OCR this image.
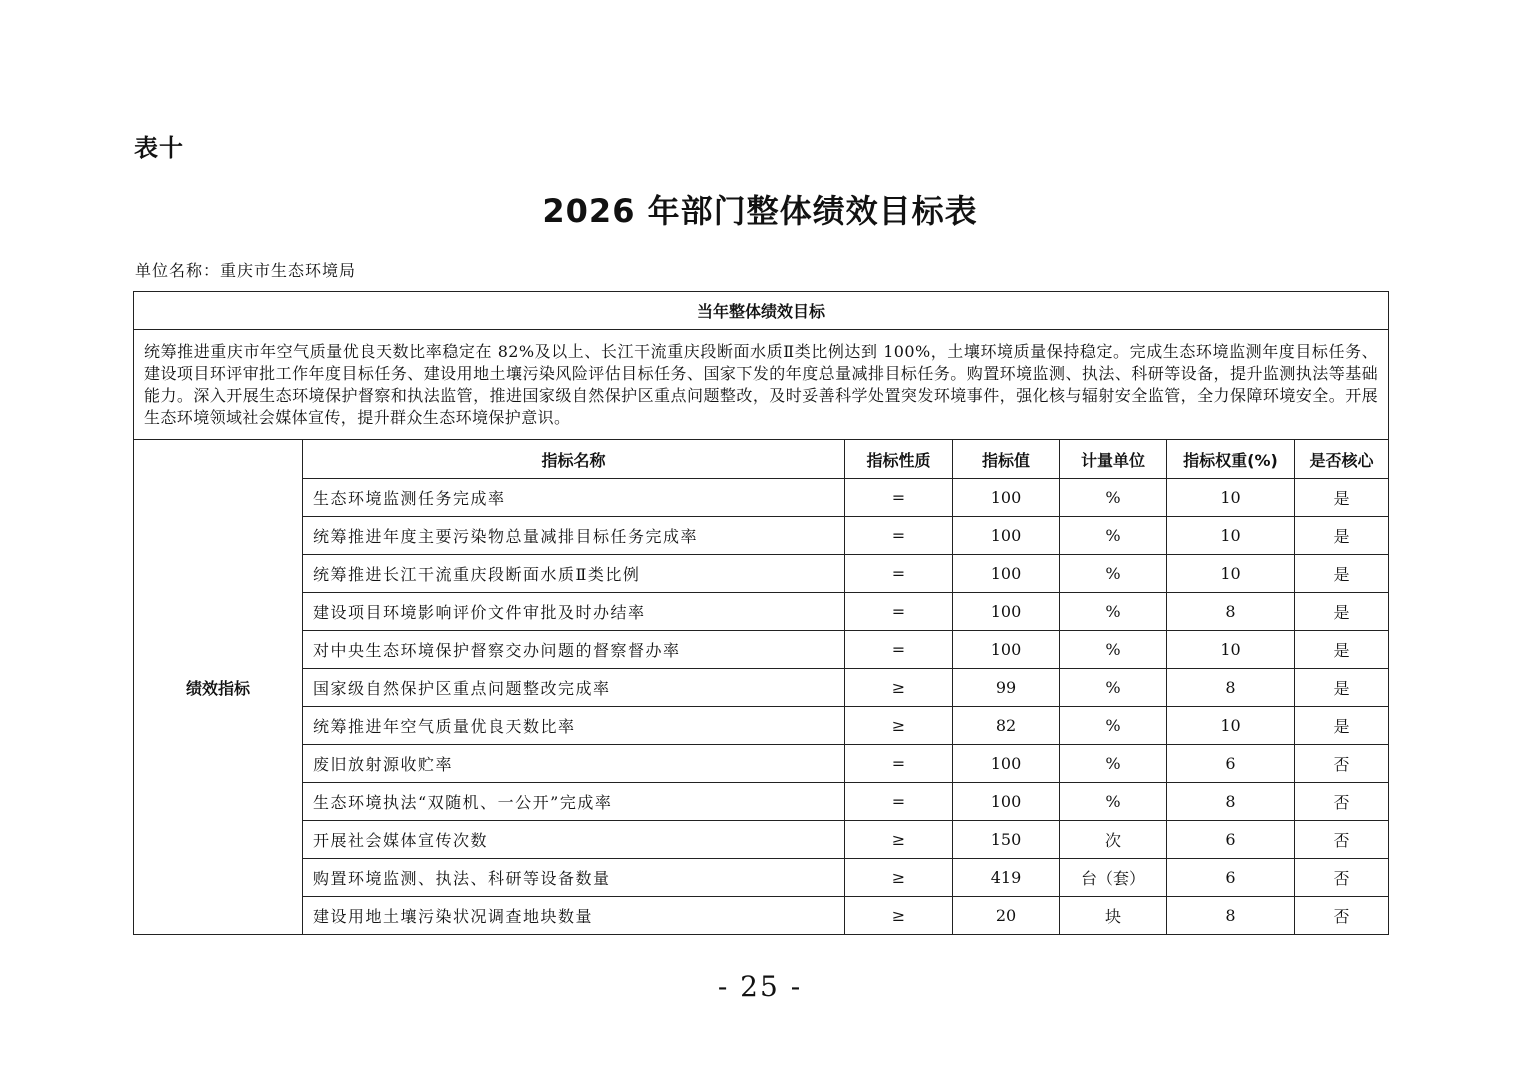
表十
2026 年部门整体绩效目标表
单位名称：重庆市生态环境局
当年整体绩效目标						
统筹推进重庆市年空气质量优良天数比率稳定在 82%及以上、长江干流重庆段断面水质Ⅱ类比例达到 100%，土壤环境质量保持稳定。完成生态环境监测年度目标任务、建设项目环评审批工作年度目标任务、建设用地土壤污染风险评估目标任务、国家下发的年度总量减排目标任务。购置环境监测、执法、科研等设备，提升监测执法等基础能力。深入开展生态环境保护督察和执法监管，推进国家级自然保护区重点问题整改，及时妥善科学处置突发环境事件，强化核与辐射安全监管，全力保障环境安全。开展生态环境领域社会媒体宣传，提升群众生态环境保护意识。						
绩效指标	指标名称	指标性质	指标值	计量单位	指标权重(%)	是否核心
	生态环境监测任务完成率	=	100	%	10	是
	统筹推进年度主要污染物总量减排目标任务完成率	=	100	%	10	是
	统筹推进长江干流重庆段断面水质Ⅱ类比例	=	100	%	10	是
	建设项目环境影响评价文件审批及时办结率	=	100	%	8	是
	对中央生态环境保护督察交办问题的督察督办率	=	100	%	10	是
	国家级自然保护区重点问题整改完成率	≥	99	%	8	是
	统筹推进年空气质量优良天数比率	≥	82	%	10	是
	废旧放射源收贮率	=	100	%	6	否
	生态环境执法“双随机、一公开”完成率	=	100	%	8	否
	开展社会媒体宣传次数	≥	150	次	6	否
	购置环境监测、执法、科研等设备数量	≥	419	台（套）	6	否
	建设用地土壤污染状况调查地块数量	≥	20	块	8	否
- 25 -
